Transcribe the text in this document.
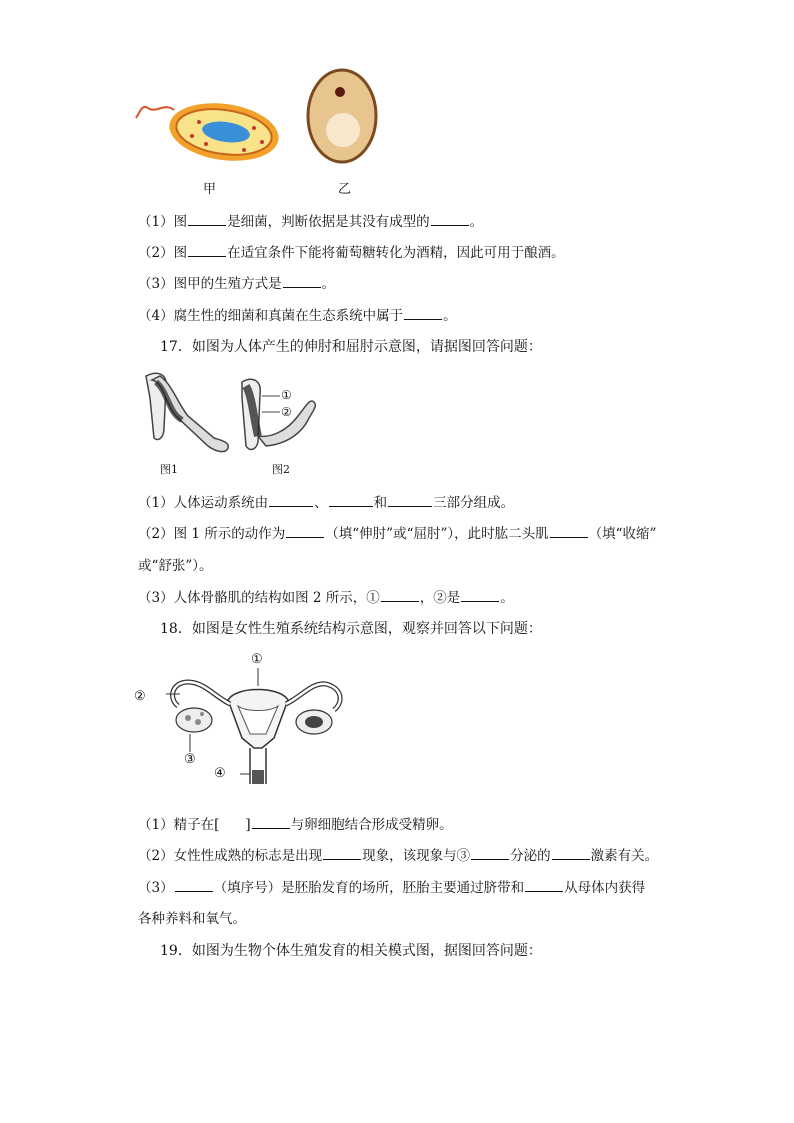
甲	乙
（1）图	是细菌，判断依据是其没有成型的	。
（2）图	在适宜条件下能将葡萄糖转化为酒精，因此可用于酿酒。
（3）图甲的生殖方式是	。
（4）腐生性的细菌和真菌在生态系统中属于	。
17．如图为人体产生的伸肘和屈肘示意图，请据图回答问题：
图1
①
②
图2
（1）人体运动系统由	、	和	三部分组成。
（2）图 1 所示的动作为	（填“伸肘”或“屈肘”），此时肱二头肌	（填“收缩”
或“舒张”）。
（3）人体骨骼肌的结构如图 2 所示，①	，②是	。
18．如图是女性生殖系统结构示意图，观察并回答以下问题：
①
②
③
④
（1）精子在[ ]	与卵细胞结合形成受精卵。
（2）女性性成熟的标志是出现	现象，该现象与③	分泌的	激素有关。
（3）	（填序号）是胚胎发育的场所，胚胎主要通过脐带和	从母体内获得
各种养料和氧气。
19．如图为生物个体生殖发育的相关模式图，据图回答问题：
